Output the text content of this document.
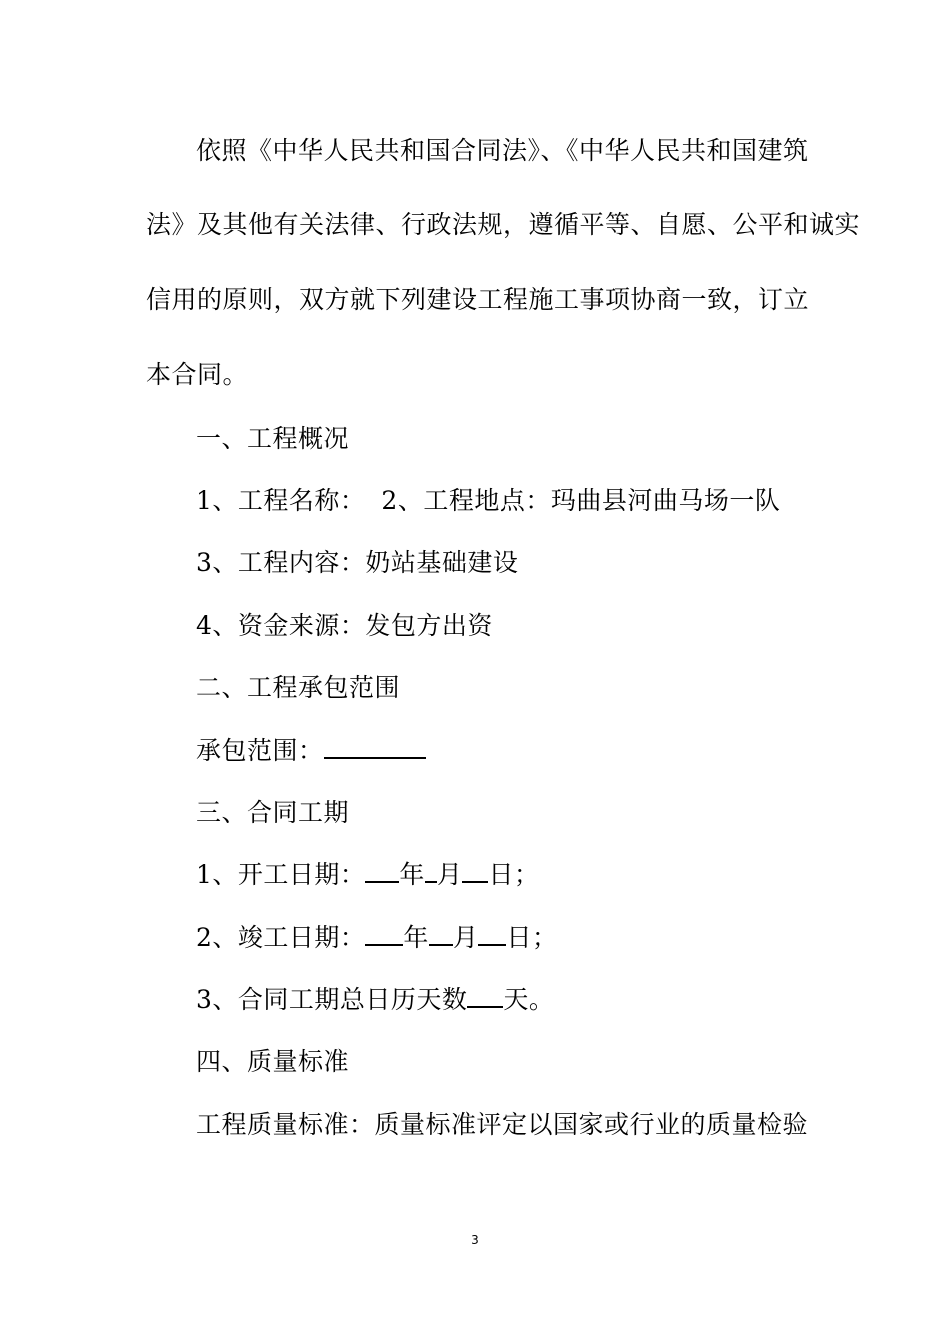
依照《中华人民共和国合同法》、《中华人民共和国建筑
法》及其他有关法律、行政法规，遵循平等、自愿、公平和诚实
信用的原则，双方就下列建设工程施工事项协商一致，订立
本合同。
一、工程概况
1、工程名称： 2、工程地点：玛曲县河曲马场一队
3、工程内容：奶站基础建设
4、资金来源：发包方出资
二、工程承包范围
承包范围：
三、合同工期
1、开工日期： 年 月 日；
2、竣工日期： 年 月 日；
3、合同工期总日历天数 天。
四、质量标准
工程质量标准：质量标准评定以国家或行业的质量检验
3
